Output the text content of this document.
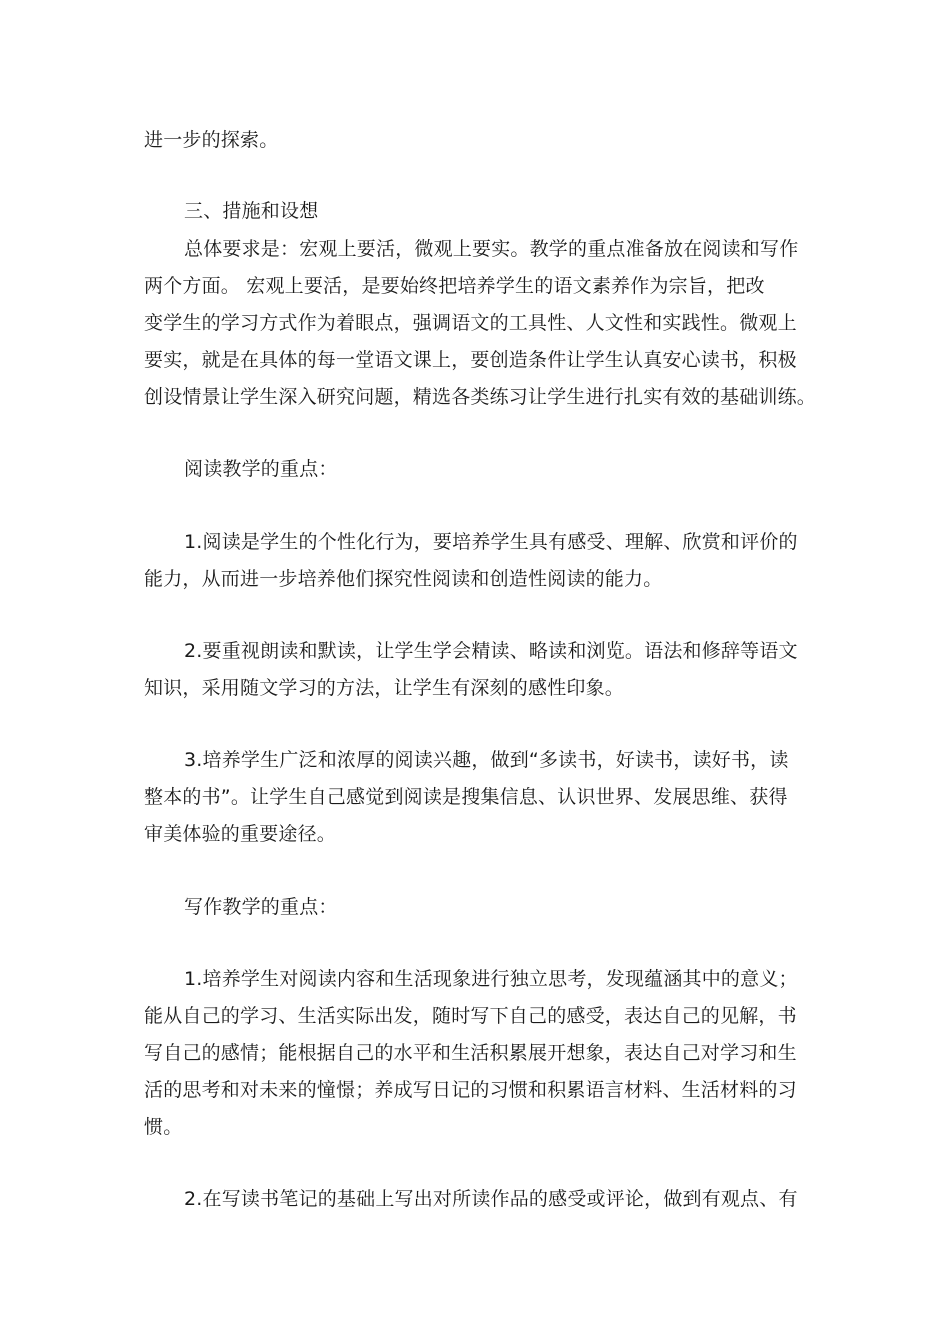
进一步的探索。
三、措施和设想
总体要求是：宏观上要活，微观上要实。教学的重点准备放在阅读和写作
两个方面。 宏观上要活，是要始终把培养学生的语文素养作为宗旨，把改
变学生的学习方式作为着眼点，强调语文的工具性、人文性和实践性。微观上
要实，就是在具体的每一堂语文课上，要创造条件让学生认真安心读书，积极
创设情景让学生深入研究问题，精选各类练习让学生进行扎实有效的基础训练。
阅读教学的重点：
1.阅读是学生的个性化行为，要培养学生具有感受、理解、欣赏和评价的
能力，从而进一步培养他们探究性阅读和创造性阅读的能力。
2.要重视朗读和默读，让学生学会精读、略读和浏览。语法和修辞等语文
知识，采用随文学习的方法，让学生有深刻的感性印象。
3.培养学生广泛和浓厚的阅读兴趣，做到“多读书，好读书，读好书，读
整本的书”。让学生自己感觉到阅读是搜集信息、认识世界、发展思维、获得
审美体验的重要途径。
写作教学的重点：
1.培养学生对阅读内容和生活现象进行独立思考，发现蕴涵其中的意义；
能从自己的学习、生活实际出发，随时写下自己的感受，表达自己的见解，书
写自己的感情；能根据自己的水平和生活积累展开想象，表达自己对学习和生
活的思考和对未来的憧憬；养成写日记的习惯和积累语言材料、生活材料的习
惯。
2.在写读书笔记的基础上写出对所读作品的感受或评论，做到有观点、有
